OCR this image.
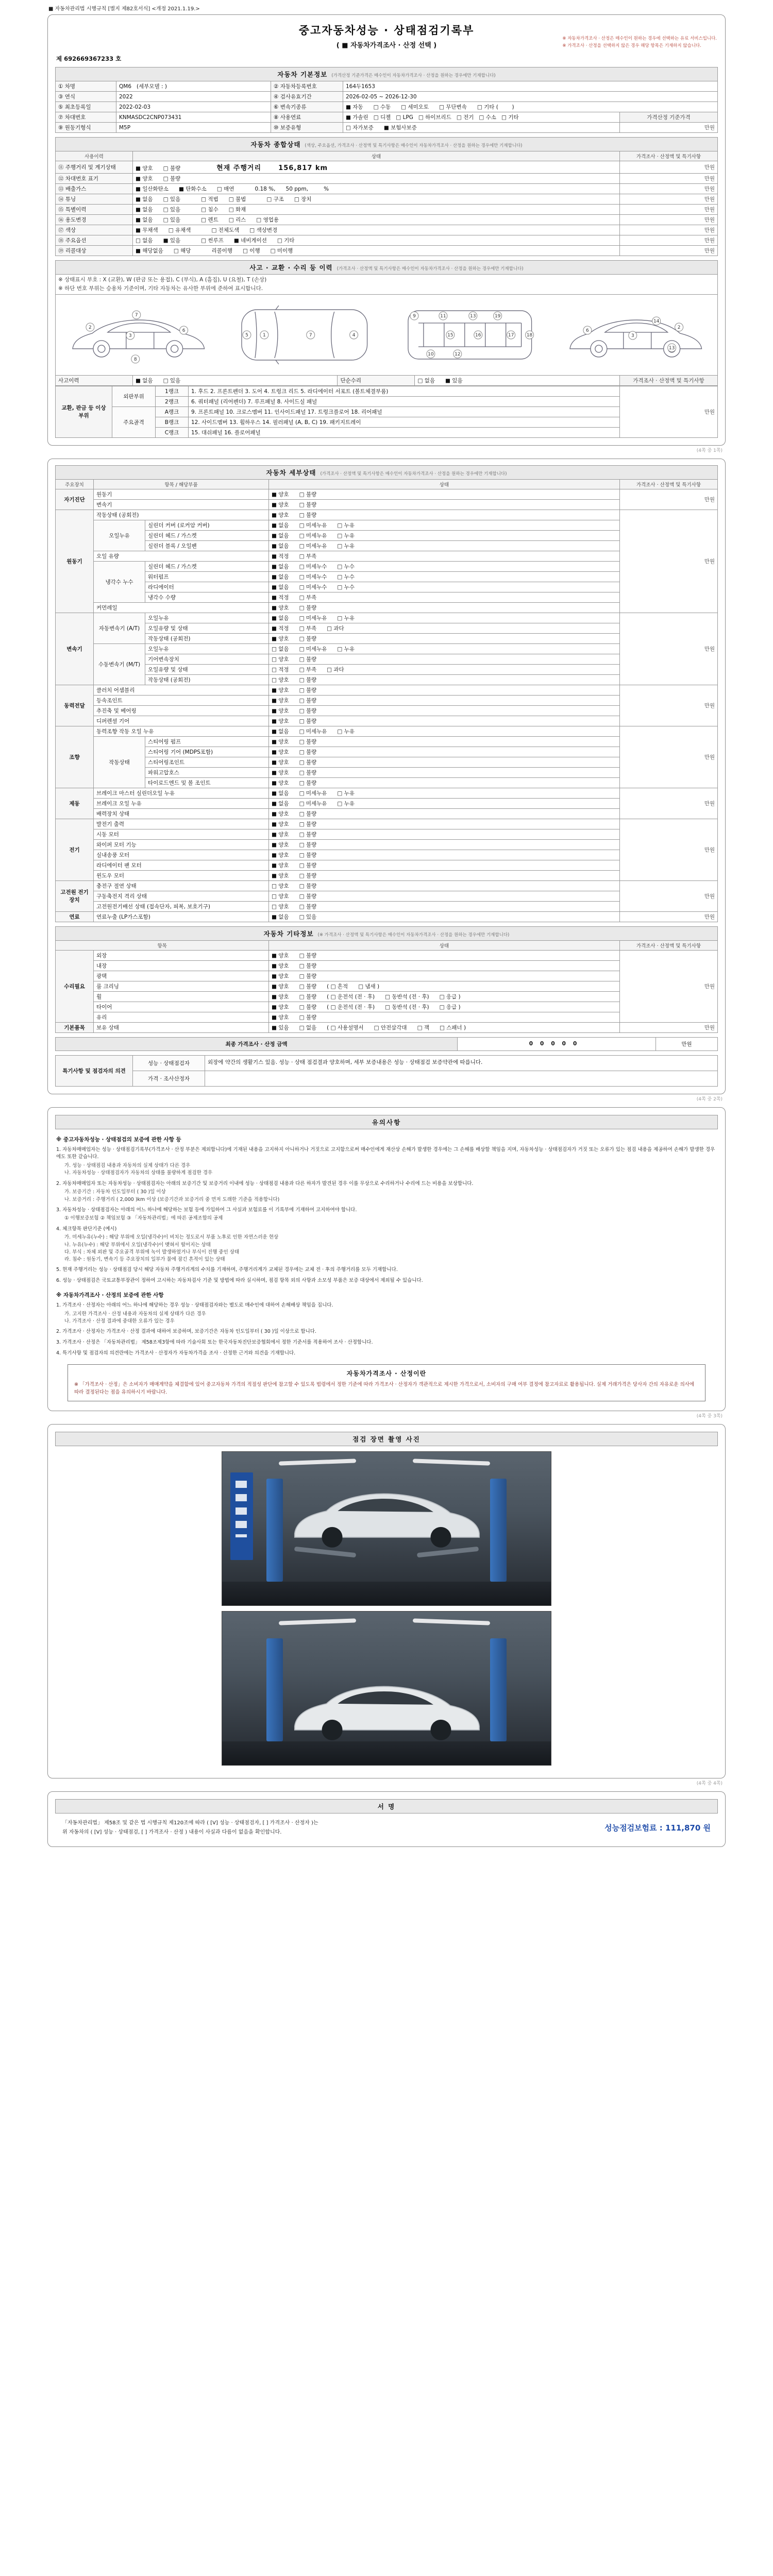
■ 자동차관리법 시행규칙 [별지 제82호서식] <개정 2021.1.19.>
중고자동차성능 · 상태점검기록부
( ■ 자동차가격조사 · 산정 선택 )
※ 자동차가격조사 · 산정은 매수인이 원하는 경우에 선택하는 유료 서비스입니다.
※ 가격조사 · 산정을 선택하지 않은 경우 해당 항목은 기재하지 않습니다.
제 692669367233 호
자동차 기본정보 (가격산정 기준가격은 매수인이 자동차가격조사 · 산정을 원하는 경우에만 기재합니다)				
① 차명	QM6   (세부모델 : )	② 자동차등록번호	164두1653	
③ 연식	2022	④ 검사유효기간	2026-02-05 ~ 2026-12-30	
⑤ 최초등록일	2022-02-03	⑥ 변속기종류	■ 자동      □ 수동      □ 세미오토      □ 무단변속      □ 기타 (        )	
⑦ 차대번호	KNMASDC2CNP073431	⑧ 사용연료	■ 가솔린   □ 디젤   □ LPG   □ 하이브리드   □ 전기   □ 수소   □ 기타	가격산정 기준가격
⑨ 원동기형식	M5P	⑩ 보증유형	□ 자가보증      ■ 보험사보증	만원
자동차 종합상태 (색상, 주요옵션, 가격조사 · 산정액 및 특기사항은 매수인이 자동차가격조사 · 산정을 원하는 경우에만 기재합니다)		
사용이력	상태	가격조사 · 산정액 및 특기사항
⑪ 주행거리 및 계기상태	■ 양호      □ 불량 현재 주행거리      156,817 km	만원
⑫ 차대번호 표기	■ 양호      □ 불량	만원
⑬ 배출가스	■ 일산화탄소      ■ 탄화수소      □ 매연            0.18 %,      50 ppm,         %	만원
⑭ 튜닝	■ 없음      □ 있음            □ 적법      □ 불법            □ 구조      □ 장치	만원
⑮ 특별이력	■ 없음      □ 있음            □ 침수      □ 화재	만원
⑯ 용도변경	■ 없음      □ 있음            □ 렌트      □ 리스      □ 영업용	만원
⑰ 색상	■ 무채색      □ 유채색            □ 전체도색      □ 색상변경	만원
⑱ 주요옵션	□ 없음      ■ 있음            □ 썬루프      ■ 네비게이션      □ 기타	만원
⑲ 리콜대상	■ 해당없음      □ 해당            리콜이행      □ 이행      □ 미이행	만원
사고 · 교환 · 수리 등 이력 (가격조사 · 산정액 및 특기사항은 매수인이 자동차가격조사 · 산정을 원하는 경우에만 기재합니다)

※ 상태표시 부호 : X (교환), W (판금 또는 용접), C (부식), A (흠집), U (요철), T (손상)
※ 하단 번호 부위는 승용차 기준이며, 기타 자동차는 유사한 부위에 준하여 표시합니다.

2
7
3
6
8
5	1	7	4
9
10
11
12
15
13
16
19
17	18
6
3
14
2
13

사고이력	■ 없음      □ 있음	단순수리	□ 없음      ■ 있음	가격조사 · 산정액 및 특기사항
교환, 판금 등 이상 부위	외판부위	1랭크	1. 후드 2. 프론트펜더 3. 도어 4. 트렁크 리드 5. 라디에이터 서포트 (볼트체결부품)	만원
		2랭크	6. 쿼터패널 (리어펜더) 7. 루프패널 8. 사이드실 패널	
	주요골격	A랭크	9. 프론트패널 10. 크로스멤버 11. 인사이드패널 17. 트렁크플로어 18. 리어패널	
		B랭크	12. 사이드멤버 13. 휠하우스 14. 필러패널 (A, B, C) 19. 패키지트레이	
		C랭크	15. 대쉬패널 16. 플로어패널	
(4쪽 중 1쪽)
자동차 세부상태 (가격조사 · 산정액 및 특기사항은 매수인이 자동차가격조사 · 산정을 원하는 경우에만 기재합니다)				
주요장치	항목 / 해당부품		상태	가격조사 · 산정액 및 특기사항
자기진단	원동기		■ 양호      □ 불량	만원
	변속기		■ 양호      □ 불량	
원동기	작동상태 (공회전)		■ 양호      □ 불량	만원
	오일누유	실린더 커버 (로커암 커버)	■ 없음      □ 미세누유      □ 누유	
		실린더 헤드 / 가스켓	■ 없음      □ 미세누유      □ 누유	
		실린더 블록 / 오일팬	■ 없음      □ 미세누유      □ 누유	
	오일 유량		■ 적정      □ 부족	
	냉각수 누수	실린더 헤드 / 가스켓	■ 없음      □ 미세누수      □ 누수	
		워터펌프	■ 없음      □ 미세누수      □ 누수	
		라디에이터	■ 없음      □ 미세누수      □ 누수	
		냉각수 수량	■ 적정      □ 부족	
	커먼레일		■ 양호      □ 불량	
변속기	자동변속기 (A/T)	오일누유	■ 없음      □ 미세누유      □ 누유	만원
		오일유량 및 상태	■ 적정      □ 부족      □ 과다	
		작동상태 (공회전)	■ 양호      □ 불량	
	수동변속기 (M/T)	오일누유	□ 없음      □ 미세누유      □ 누유	
		기어변속장치	□ 양호      □ 불량	
		오일유량 및 상태	□ 적정      □ 부족      □ 과다	
		작동상태 (공회전)	□ 양호      □ 불량	
동력전달	클러치 어셈블리		■ 양호      □ 불량	만원
	등속조인트		■ 양호      □ 불량	
	추진축 및 베어링		■ 양호      □ 불량	
	디퍼렌셜 기어		■ 양호      □ 불량	
조향	동력조향 작동 오일 누유		■ 없음      □ 미세누유      □ 누유	만원
	작동상태	스티어링 펌프	■ 양호      □ 불량	
		스티어링 기어 (MDPS포함)	■ 양호      □ 불량	
		스티어링조인트	■ 양호      □ 불량	
		파워고압호스	■ 양호      □ 불량	
		타이로드엔드 및 볼 조인트	■ 양호      □ 불량	
제동	브레이크 마스터 실린더오일 누유		■ 없음      □ 미세누유      □ 누유	만원
	브레이크 오일 누유		■ 없음      □ 미세누유      □ 누유	
	배력장치 상태		■ 양호      □ 불량	
전기	발전기 출력		■ 양호      □ 불량	만원
	시동 모터		■ 양호      □ 불량	
	와이퍼 모터 기능		■ 양호      □ 불량	
	실내송풍 모터		■ 양호      □ 불량	
	라디에이터 팬 모터		■ 양호      □ 불량	
	윈도우 모터		■ 양호      □ 불량	
고전원 전기장치	충전구 절연 상태		□ 양호      □ 불량	만원
	구동축전지 격리 상태		□ 양호      □ 불량	
	고전원전기배선 상태 (접속단자, 피복, 보호기구)		□ 양호      □ 불량	
연료	연료누출 (LP가스포함)		■ 없음      □ 있음	만원
자동차 기타정보 (※ 가격조사 · 산정액 및 특기사항은 매수인이 자동차가격조사 · 산정을 원하는 경우에만 기재합니다)			
항목		상태	가격조사 · 산정액 및 특기사항
수리필요	외장	■ 양호      □ 불량	만원
	내장	■ 양호      □ 불량	
	광택	■ 양호      □ 불량	
	룸 크리닝	■ 양호      □ 불량      ( □ 흔적      □ 냄새 )	
	휠	■ 양호      □ 불량      ( □ 운전석 (전 · 후)      □ 동반석 (전 · 후)      □ 응급 )	
	타이어	■ 양호      □ 불량      ( □ 운전석 (전 · 후)      □ 동반석 (전 · 후)      □ 응급 )	
	유리	■ 양호      □ 불량	
기본품목	보유 상태	■ 있음      □ 없음      ( □ 사용설명서      □ 안전삼각대      □ 잭      □ 스패너 )	만원
최종 가격조사 · 산정 금액	00000	만원
특기사항 및 점검자의 의견	성능 · 상태점검자	외장에 약간의 생활기스 있음. 성능 · 상태 점검결과 양호하며, 세부 보증내용은 성능 · 상태점검 보증약관에 따릅니다.
	가격 · 조사산정자	
(4쪽 중 2쪽)
유의사항
※ 중고자동차성능 · 상태점검의 보증에 관한 사항 등

1. 자동차매매업자는 성능 · 상태점검기록부(가격조사 · 산정 부분은 제외합니다)에 기재된 내용을 고지하지 아니하거나 거짓으로 고지함으로써 매수인에게 재산상 손해가 발생한 경우에는 그 손해를 배상할 책임을 지며, 자동차성능 · 상태점검자가 거짓 또는 오류가 있는 점검 내용을 제공하여 손해가 발생한 경우에도 또한 같습니다.

가. 성능 · 상태점검 내용과 자동차의 실제 상태가 다른 경우
나. 자동차성능 · 상태점검자가 자동차의 상태를 불량하게 점검한 경우

2. 자동차매매업자 또는 자동차성능 · 상태점검자는 아래의 보증기간 및 보증거리 이내에 성능 · 상태점검 내용과 다른 하자가 발견된 경우 이를 무상으로 수리하거나 수리에 드는 비용을 보상합니다.

가. 보증기간 : 자동차 인도일부터 ( 30 )일 이상
나. 보증거리 : 주행거리 ( 2,000 )km 이상 (보증기간과 보증거리 중 먼저 도래한 기준을 적용합니다)

3. 자동차성능 · 상태점검자는 아래의 어느 하나에 해당하는 보험 등에 가입하여 그 사실과 보험료를 이 기록부에 기재하여 고지하여야 합니다.

① 이행보증보험 ② 책임보험 ③ 「자동차관리법」에 따른 공제조합의 공제

4. 체크항목 판단기준 (예시)

가. 미세누유(누수) : 해당 부위에 오일(냉각수)이 비치는 정도로서 부품 노후로 인한 자연스러운 현상
나. 누유(누수) : 해당 부위에서 오일(냉각수)이 맺혀서 떨어지는 상태
다. 부식 : 차체 외판 및 주요골격 부위에 녹이 발생하였거나 부식이 진행 중인 상태
라. 침수 : 원동기, 변속기 등 주요장치의 일부가 물에 잠긴 흔적이 있는 상태

5. 현재 주행거리는 성능 · 상태점검 당시 해당 자동차 주행거리계의 수치를 기재하며, 주행거리계가 교체된 경우에는 교체 전 · 후의 주행거리를 모두 기재합니다.

6. 성능 · 상태점검은 국토교통부장관이 정하여 고시하는 자동차검사 기준 및 방법에 따라 실시하며, 점검 항목 외의 사항과 소모성 부품은 보증 대상에서 제외될 수 있습니다.

※ 자동차가격조사 · 산정의 보증에 관한 사항

1. 가격조사 · 산정자는 아래의 어느 하나에 해당하는 경우 성능 · 상태점검자와는 별도로 매수인에 대하여 손해배상 책임을 집니다.

가. 고지한 가격조사 · 산정 내용과 자동차의 실제 상태가 다른 경우
나. 가격조사 · 산정 결과에 중대한 오류가 있는 경우

2. 가격조사 · 산정자는 가격조사 · 산정 결과에 대하여 보증하며, 보증기간은 자동차 인도일부터 ( 30 )일 이상으로 합니다.

3. 가격조사 · 산정은 「자동차관리법」 제58조제3항에 따라 기술사회 또는 한국자동차진단보증협회에서 정한 기준서를 적용하여 조사 · 산정합니다.

4. 특기사항 및 점검자의 의견란에는 가격조사 · 산정자가 자동차가격을 조사 · 산정한 근거와 의견을 기재합니다.

자동차가격조사 · 산정이란
※ 「가격조사 · 산정」은 소비자가 매매계약을 체결함에 있어 중고자동차 가격의 적절성 판단에 참고할 수 있도록 법령에서 정한 기준에 따라 가격조사 · 산정자가 객관적으로 제시한 가격으로서, 소비자의 구매 여부 결정에 참고자료로 활용됩니다. 실제 거래가격은 당사자 간의 자유로운 의사에 따라 결정된다는 점을 유의하시기 바랍니다.
(4쪽 중 3쪽)
점검 장면 촬영 사진
(4쪽 중 4쪽)
서 명
「자동차관리법」 제58조 및 같은 법 시행규칙 제120조에 따라 ( [V] 성능 · 상태점검자, [ ] 가격조사 · 산정자 )는
위 자동차의 ( [V] 성능 · 상태점검, [ ] 가격조사 · 산정 ) 내용이 사실과 다름이 없음을 확인합니다.	성능점검보험료 : 111,870 원
